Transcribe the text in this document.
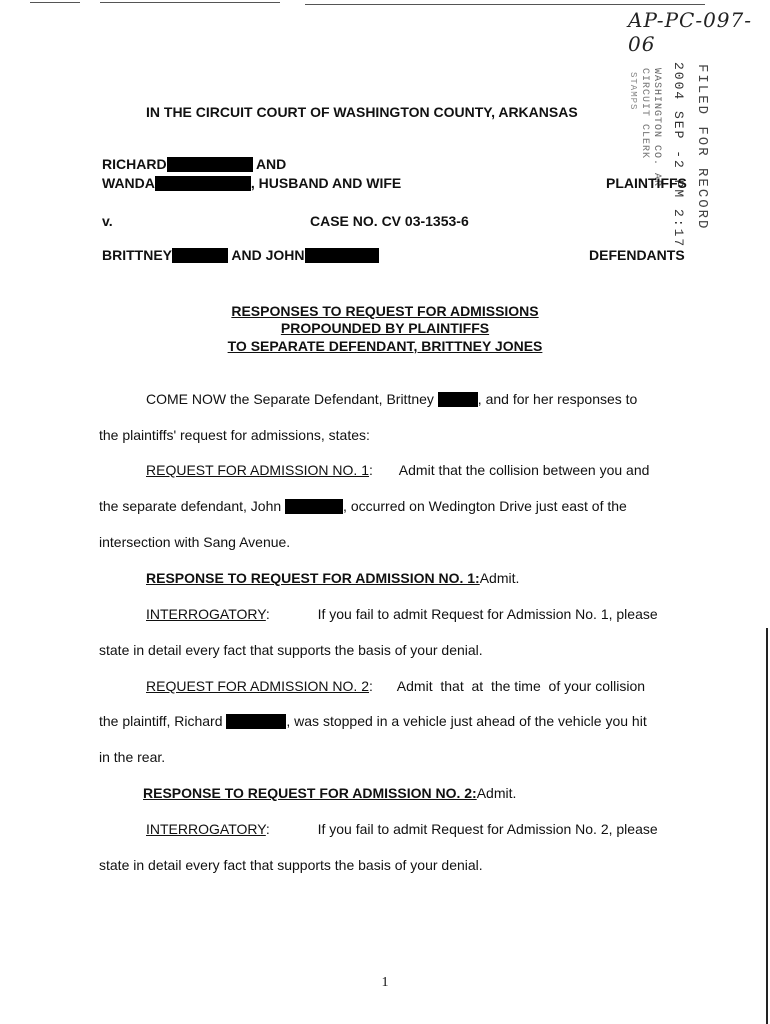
AP-PC-097-06
FILED FOR RECORD
2004 SEP -2 PM 2:17
WASHINGTON CO. AR
CIRCUIT CLERK
STAMPS
IN THE CIRCUIT COURT OF WASHINGTON COUNTY, ARKANSAS
RICHARD	AND
WANDA	, HUSBAND AND WIFE	PLAINTIFFS
v.	CASE NO. CV 03-1353-6
BRITTNEY	AND JOHN	DEFENDANTS
RESPONSES TO REQUEST FOR ADMISSIONS
PROPOUNDED BY PLAINTIFFS
TO SEPARATE DEFENDANT, BRITTNEY JONES
COME NOW the Separate Defendant, Brittney	, and for her responses to
the plaintiffs' request for admissions, states:
REQUEST FOR ADMISSION NO. 1: Admit that the collision between you and
the separate defendant, John	, occurred on Wedington Drive just east of the
intersection with Sang Avenue.
RESPONSE TO REQUEST FOR ADMISSION NO. 1:Admit.
INTERROGATORY:	If you fail to admit Request for Admission No. 1, please
state in detail every fact that supports the basis of your denial.
REQUEST FOR ADMISSION NO. 2: Admit  that  at  the time  of your collision
the plaintiff, Richard	, was stopped in a vehicle just ahead of the vehicle you hit
in the rear.
RESPONSE TO REQUEST FOR ADMISSION NO. 2:Admit.
INTERROGATORY:	If you fail to admit Request for Admission No. 2, please
state in detail every fact that supports the basis of your denial.
1
